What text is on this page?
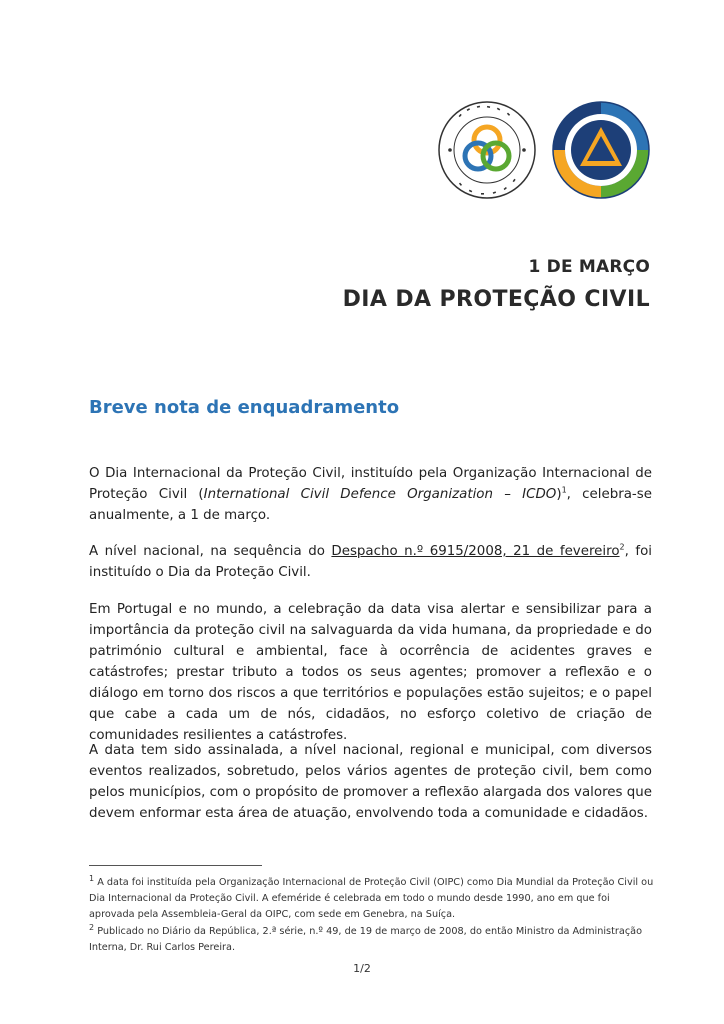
1 DE MARÇO
DIA DA PROTEÇÃO CIVIL
Breve nota de enquadramento
O Dia Internacional da Proteção Civil, instituído pela Organização Internacional de Proteção Civil (International Civil Defence Organization – ICDO)$^1$, celebra-se anualmente, a 1 de março.
A nível nacional, na sequência do Despacho n.º 6915/2008, 21 de fevereiro$^2$, foi instituído o Dia da Proteção Civil.
Em Portugal e no mundo, a celebração da data visa alertar e sensibilizar para a importância da proteção civil na salvaguarda da vida humana, da propriedade e do património cultural e ambiental, face à ocorrência de acidentes graves e catástrofes; prestar tributo a todos os seus agentes; promover a reflexão e o diálogo em torno dos riscos a que territórios e populações estão sujeitos; e o papel que cabe a cada um de nós, cidadãos, no esforço coletivo de criação de comunidades resilientes a catástrofes.
A data tem sido assinalada, a nível nacional, regional e municipal, com diversos eventos realizados, sobretudo, pelos vários agentes de proteção civil, bem como pelos municípios, com o propósito de promover a reflexão alargada dos valores que devem enformar esta área de atuação, envolvendo toda a comunidade e cidadãos.
$^1$ A data foi instituída pela Organização Internacional de Proteção Civil (OIPC) como Dia Mundial da Proteção Civil ou Dia Internacional da Proteção Civil. A efeméride é celebrada em todo o mundo desde 1990, ano em que foi aprovada pela Assembleia-Geral da OIPC, com sede em Genebra, na Suíça.
$^2$ Publicado no Diário da República, 2.ª série, n.º 49, de 19 de março de 2008, do então Ministro da Administração Interna, Dr. Rui Carlos Pereira.
1/2
